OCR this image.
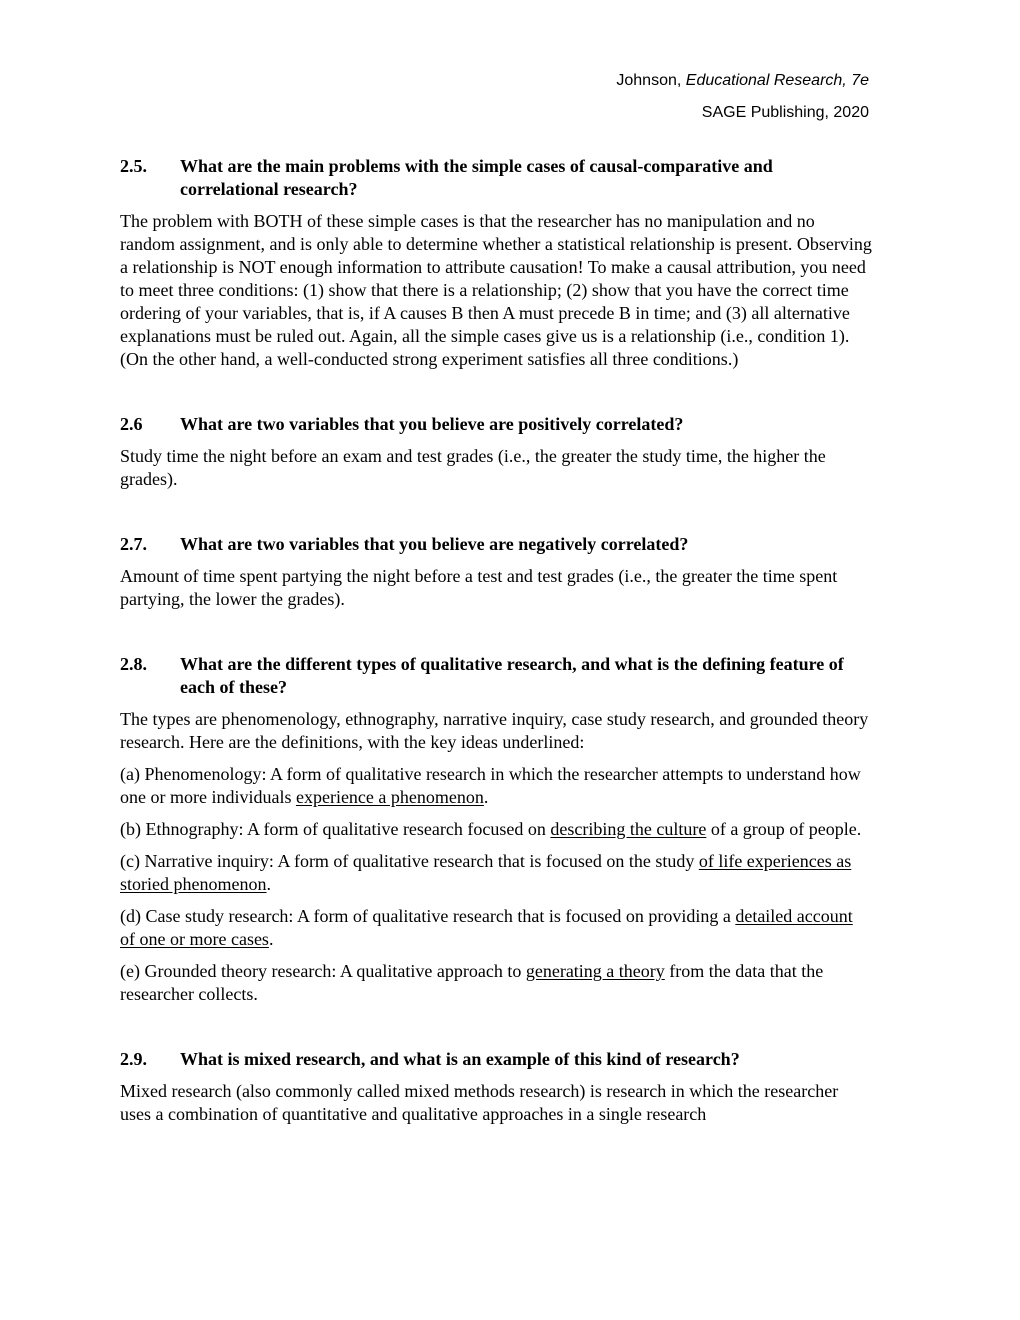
Johnson, Educational Research, 7e

SAGE Publishing, 2020

2.5.	What are the main problems with the simple cases of causal-comparative and correlational research?

The problem with BOTH of these simple cases is that the researcher has no manipulation and no random assignment, and is only able to determine whether a statistical relationship is present. Observing a relationship is NOT enough information to attribute causation! To make a causal attribution, you need to meet three conditions: (1) show that there is a relationship; (2) show that you have the correct time ordering of your variables, that is, if A causes B then A must precede B in time; and (3) all alternative explanations must be ruled out. Again, all the simple cases give us is a relationship (i.e., condition 1). (On the other hand, a well-conducted strong experiment satisfies all three conditions.)

2.6	What are two variables that you believe are positively correlated?

Study time the night before an exam and test grades (i.e., the greater the study time, the higher the grades).

2.7.	What are two variables that you believe are negatively correlated?

Amount of time spent partying the night before a test and test grades (i.e., the greater the time spent partying, the lower the grades).

2.8.	What are the different types of qualitative research, and what is the defining feature of each of these?

The types are phenomenology, ethnography, narrative inquiry, case study research, and grounded theory research. Here are the definitions, with the key ideas underlined:

(a) Phenomenology: A form of qualitative research in which the researcher attempts to understand how one or more individuals experience a phenomenon.

(b) Ethnography: A form of qualitative research focused on describing the culture of a group of people.

(c) Narrative inquiry: A form of qualitative research that is focused on the study of life experiences as storied phenomenon.

(d) Case study research: A form of qualitative research that is focused on providing a detailed account of one or more cases.

(e) Grounded theory research: A qualitative approach to generating a theory from the data that the researcher collects.

2.9.	What is mixed research, and what is an example of this kind of research?

Mixed research (also commonly called mixed methods research) is research in which the researcher uses a combination of quantitative and qualitative approaches in a single research
